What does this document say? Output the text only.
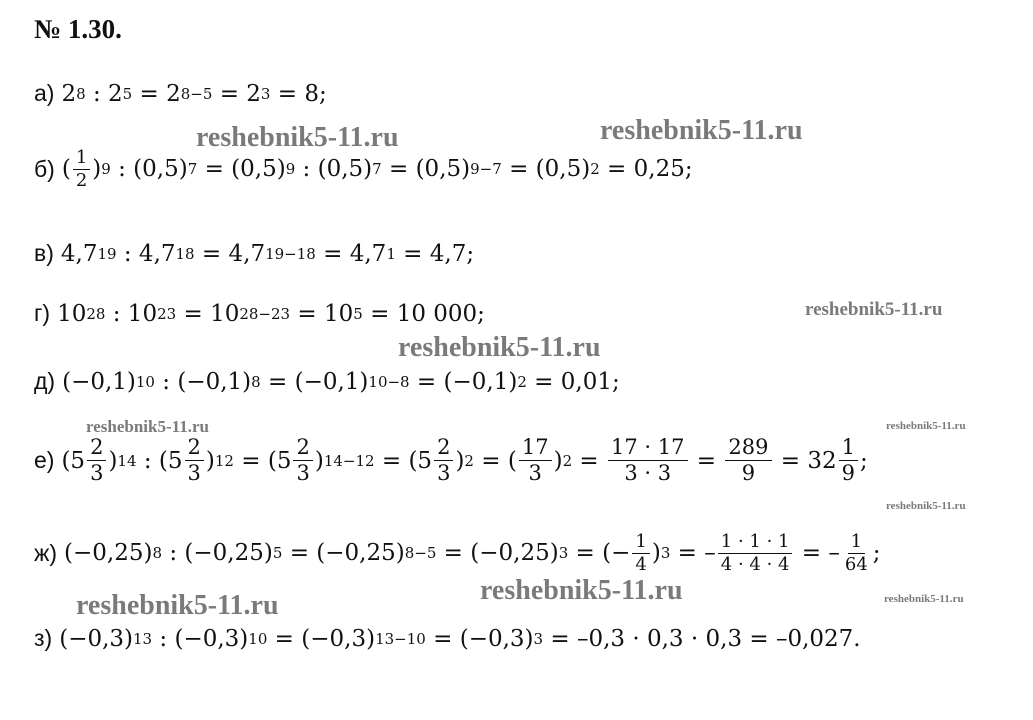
№ 1.30.
а) 2 8 : 2 5 = 2 8−5 = 2 3 = 8;
б) ( $\frac{1}{2}$ ) 9 : (0,5) 7 = (0,5) 9 : (0,5) 7 = (0,5) 9−7 = (0,5) 2 = 0,25;
в) 4,7 19 : 4,7 18 = 4,7 19−18 = 4,7 1 = 4,7;
г) 10 28 : 10 23 = 10 28−23 = 10 5 = 10 000;
д) (−0,1) 10 : (−0,1) 8 = (−0,1) 10−8 = (−0,1) 2 = 0,01;
е) ($5 \frac{2}{3}$ ) 14 : ($5 \frac{2}{3}$ ) $12 = (5 \frac{2}{3}$ ) $14-12 = (5 \frac{2}{3}$ ) 2 = ( $\frac{17}{3}$ ) $2 = \frac{17 \cdot 17}{3 \cdot 3} = \frac{289}{9} = 32 \frac{1}{9}$ ;
ж) (−0,25) 8 : (−0,25) 5 = (−0,25) 8−5 = (−0,25) 3 = (− $\frac{1}{4}$ ) 3 = – $\frac{1 \cdot 1 \cdot 1}{4 \cdot 4 \cdot 4}$ = – $\frac{1}{64}$ ;
з) (−0,3) 13 : (−0,3) 10 = (−0,3) 13−10 = (−0,3) 3 = –0,3 · 0,3 · 0,3 = –0,027.
reshebnik5-11.ru	reshebnik5-11.ru
reshebnik5-11.ru
reshebnik5-11.ru
reshebnik5-11.ru	reshebnik5-11.ru
reshebnik5-11.ru
reshebnik5-11.ru
reshebnik5-11.ru	reshebnik5-11.ru
